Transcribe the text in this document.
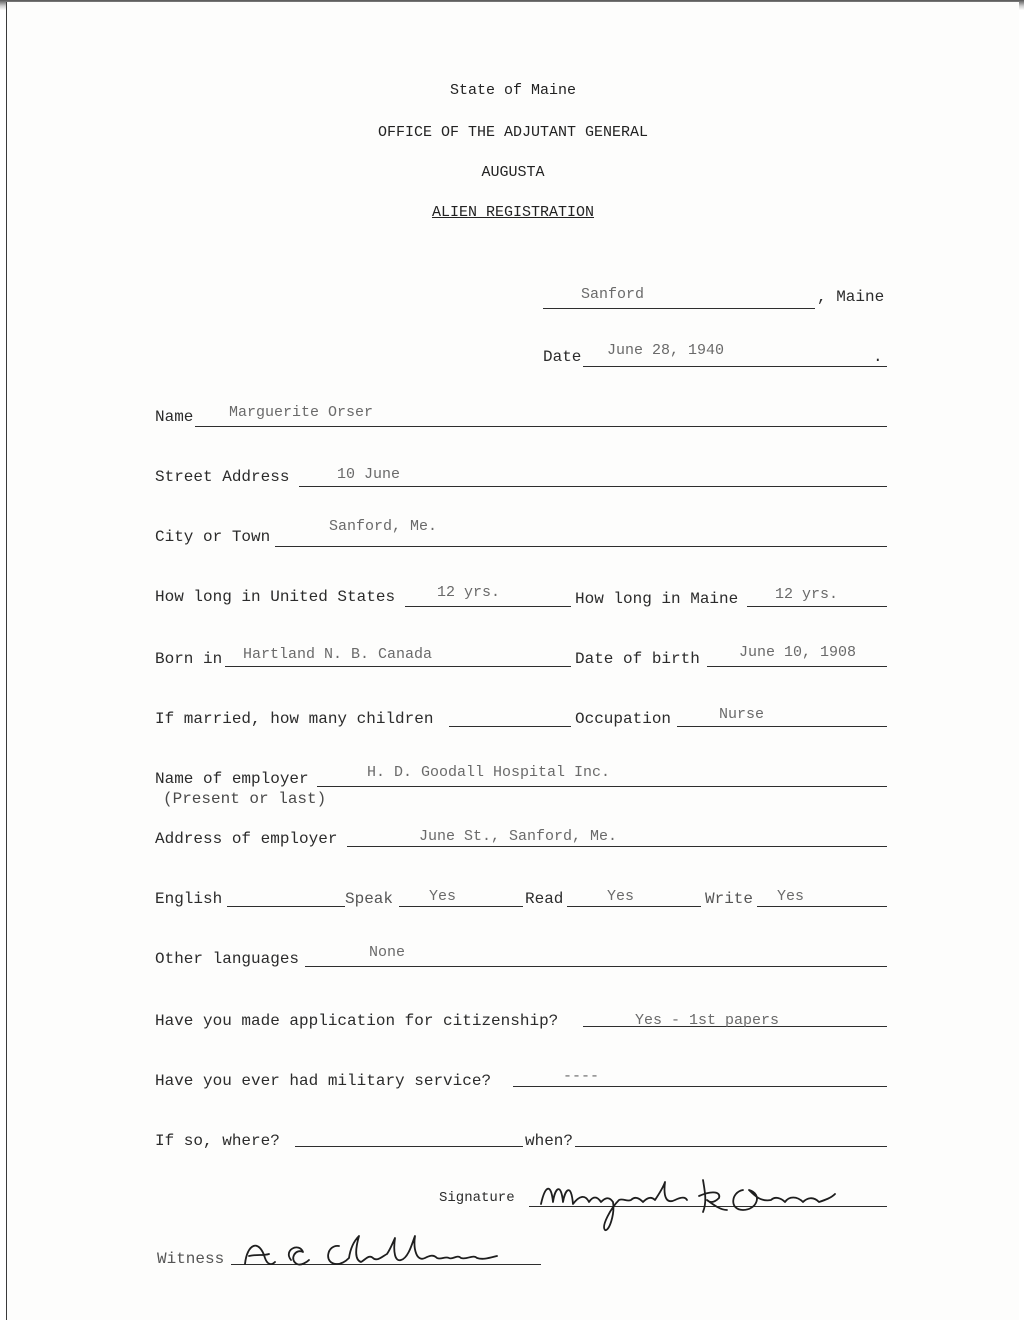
State of Maine
OFFICE OF THE ADJUTANT GENERAL
AUGUSTA
ALIEN REGISTRATION
Sanford	, Maine
Date June 28, 1940	.
Name Marguerite Orser
Street Address	10 June
City or Town
Sanford, Me.
How long in United States	12 yrs.	How long in Maine 12 yrs.
Born in Hartland N. B. Canada	Date of birth	June 10, 1908
If married, how many children	Occupation	Nurse
Name of employer	H. D. Goodall Hospital Inc.
(Present or last)
Address of employer	June St., Sanford, Me.
English	Speak Yes	Read	Yes	Write Yes
Other languages	None
Have you made application for citizenship?	Yes - 1st papers
Have you ever had military service?	----
If so, where?	when?
Signature
Witness
